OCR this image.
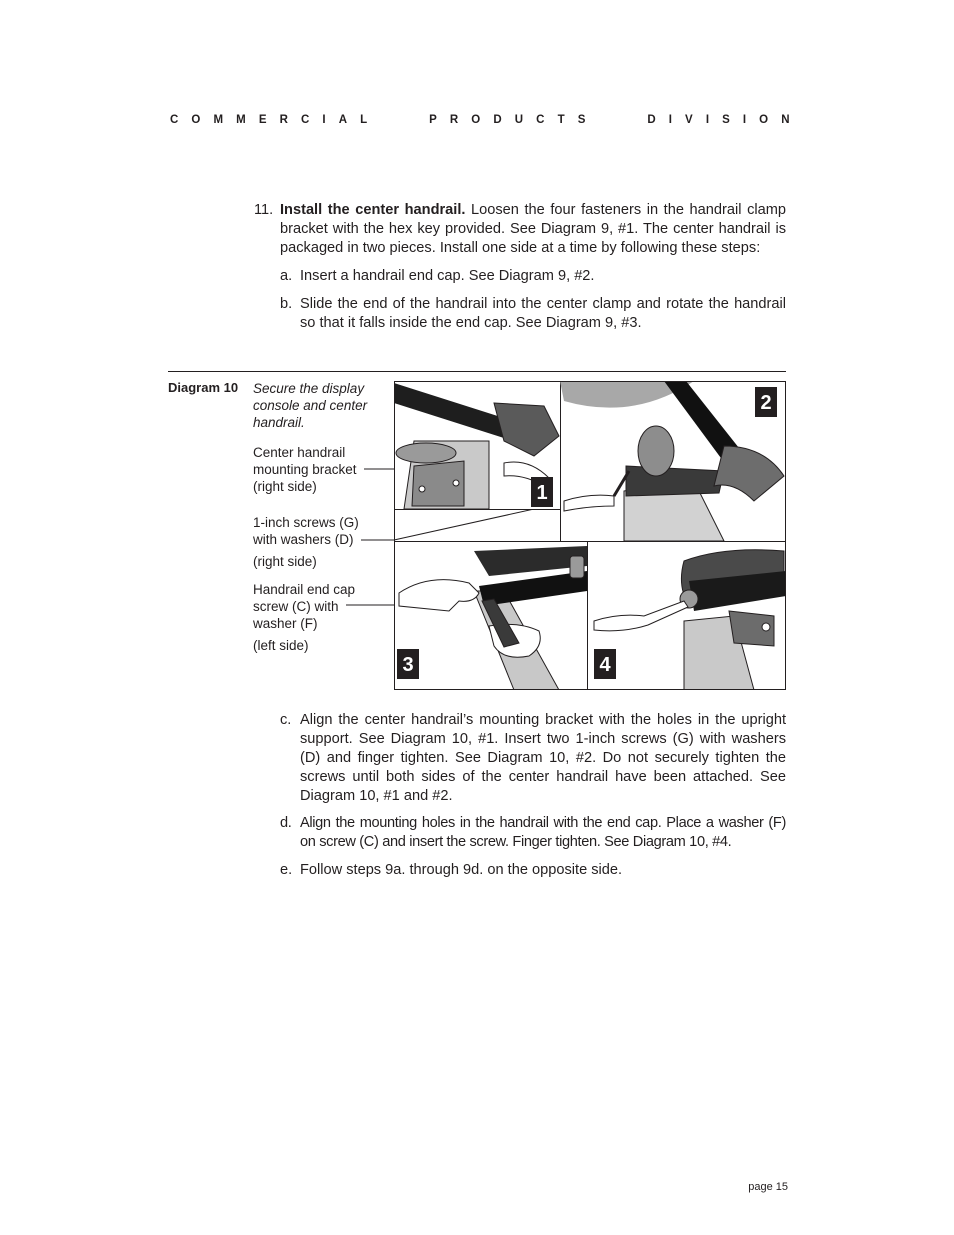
C O M M E R C I A L

	P R O D U C T S

	D I V I S I O N
11. Install the center handrail. Loosen the four fasteners in the handrail clamp bracket with the hex key provided. See Diagram 9, #1. The center handrail is packaged in two pieces. Install one side at a time by following these steps:
a. Insert a handrail end cap. See Diagram 9, #2.
b. Slide the end of the handrail into the center clamp and rotate the handrail so that it falls inside the end cap. See Diagram 9, #3.
Diagram 10 Secure the display console and center handrail.

Center handrail mounting bracket (right side)

1-inch screws (G) with washers (D)

(right side)

Handrail end cap screw (C) with washer (F)

(left side)

1
2
3	4
c. Align the center handrail’s mounting bracket with the holes in the upright support. See Diagram 10, #1. Insert two 1-inch screws (G) with washers (D) and finger tighten. See Diagram 10, #2. Do not securely tighten the screws until both sides of the center handrail have been attached. See Diagram 10, #1 and #2.
d. Align the mounting holes in the handrail with the end cap. Place a washer (F) on screw (C) and insert the screw. Finger tighten. See Diagram 10, #4.
e. Follow steps 9a. through 9d. on the opposite side.
page 15
